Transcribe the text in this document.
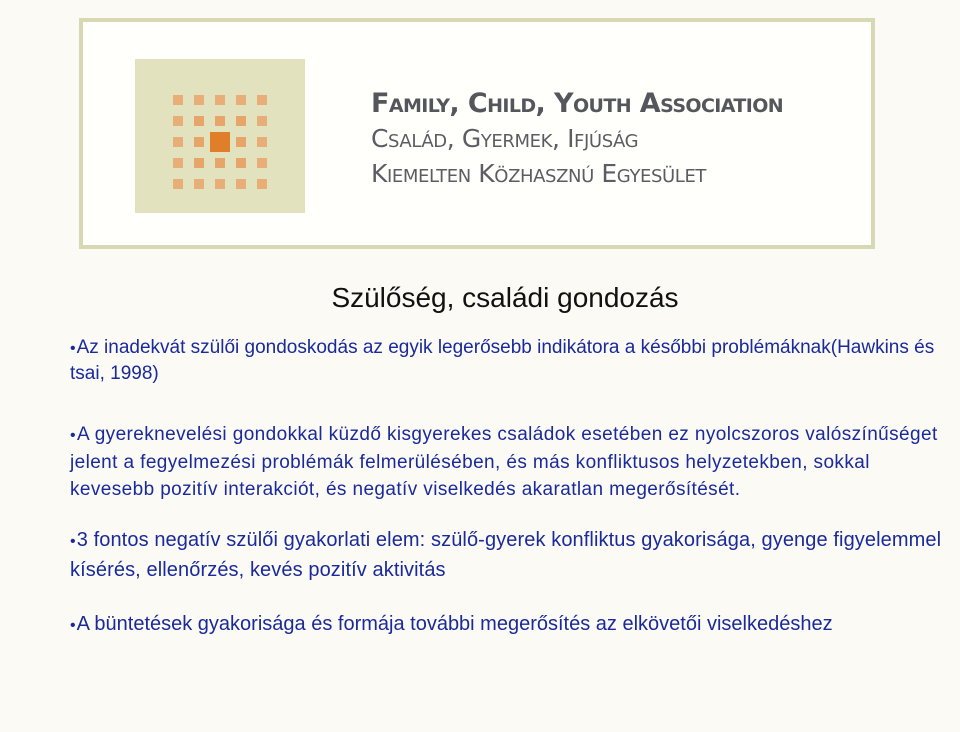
Family, Child, Youth Association
Család, Gyermek, Ifjúság
Kiemelten Közhasznú Egyesület
Szülőség, családi gondozás
•Az inadekvát szülői gondoskodás az egyik legerősebb indikátora a későbbi problémáknak(Hawkins és tsai, 1998)
•A gyereknevelési gondokkal küzdő kisgyerekes családok esetében ez nyolcszoros valószínűséget jelent a fegyelmezési problémák felmerülésében, és más konfliktusos helyzetekben, sokkal kevesebb pozitív interakciót, és negatív viselkedés akaratlan megerősítését.
•3 fontos negatív szülői gyakorlati elem: szülő-gyerek konfliktus gyakorisága, gyenge figyelemmel kísérés, ellenőrzés, kevés pozitív aktivitás
•A büntetések gyakorisága és formája további megerősítés az elkövetői viselkedéshez
